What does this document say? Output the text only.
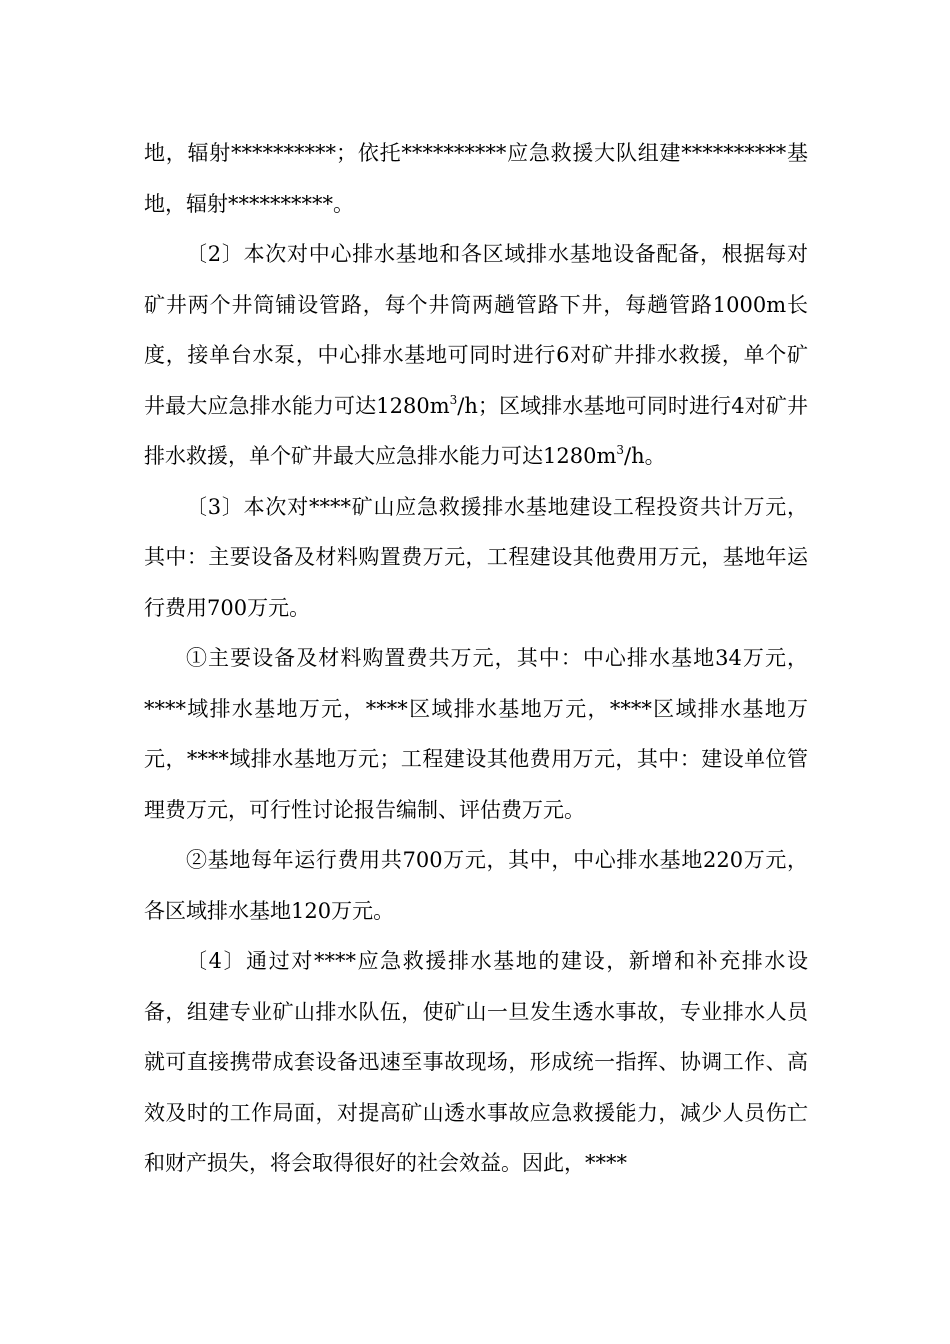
地，辐射**********；依托**********应急救援大队组建**********基地，辐射**********。

〔2〕本次对中心排水基地和各区域排水基地设备配备，根据每对矿井两个井筒铺设管路，每个井筒两趟管路下井，每趟管路1000m长度，接单台水泵，中心排水基地可同时进行6对矿井排水救援，单个矿井最大应急排水能力可达$1280m^3/h$；区域排水基地可同时进行4对矿井排水救援，单个矿井最大应急排水能力可达$1280m^3/h$。

〔3〕本次对****矿山应急救援排水基地建设工程投资共计万元，其中：主要设备及材料购置费万元，工程建设其他费用万元，基地年运行费用700万元。

①主要设备及材料购置费共万元，其中：中心排水基地34万元，****域排水基地万元，****区域排水基地万元，****区域排水基地万元，****域排水基地万元；工程建设其他费用万元，其中：建设单位管理费万元，可行性讨论报告编制、评估费万元。

②基地每年运行费用共700万元，其中，中心排水基地220万元，各区域排水基地120万元。

〔4〕通过对****应急救援排水基地的建设，新增和补充排水设备，组建专业矿山排水队伍，使矿山一旦发生透水事故，专业排水人员就可直接携带成套设备迅速至事故现场，形成统一指挥、协调工作、高效及时的工作局面，对提高矿山透水事故应急救援能力，减少人员伤亡和财产损失，将会取得很好的社会效益。因此，****
